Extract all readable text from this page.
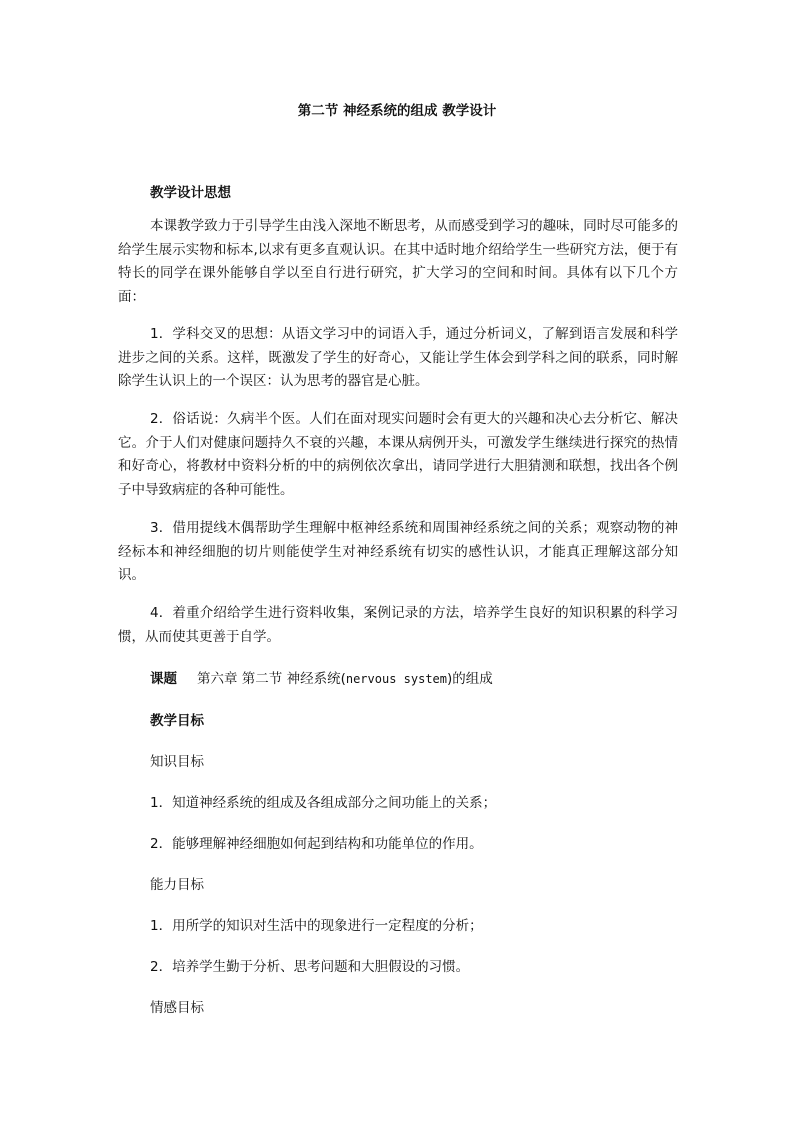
第二节 神经系统的组成 教学设计
教学设计思想

本课教学致力于引导学生由浅入深地不断思考，从而感受到学习的趣味，同时尽可能多的给学生展示实物和标本,以求有更多直观认识。在其中适时地介绍给学生一些研究方法，便于有特长的同学在课外能够自学以至自行进行研究，扩大学习的空间和时间。具体有以下几个方面：

1．学科交叉的思想：从语文学习中的词语入手，通过分析词义，了解到语言发展和科学进步之间的关系。这样，既激发了学生的好奇心，又能让学生体会到学科之间的联系，同时解除学生认识上的一个误区：认为思考的器官是心脏。

2．俗话说：久病半个医。人们在面对现实问题时会有更大的兴趣和决心去分析它、解决它。介于人们对健康问题持久不衰的兴趣，本课从病例开头，可激发学生继续进行探究的热情和好奇心，将教材中资料分析的中的病例依次拿出，请同学进行大胆猜测和联想，找出各个例子中导致病症的各种可能性。

3．借用提线木偶帮助学生理解中枢神经系统和周围神经系统之间的关系；观察动物的神经标本和神经细胞的切片则能使学生对神经系统有切实的感性认识，才能真正理解这部分知识。

4．着重介绍给学生进行资料收集，案例记录的方法，培养学生良好的知识积累的科学习惯，从而使其更善于自学。

课题 第六章 第二节 神经系统(nervous system)的组成
教学目标
知识目标
1．知道神经系统的组成及各组成部分之间功能上的关系；
2．能够理解神经细胞如何起到结构和功能单位的作用。
能力目标
1．用所学的知识对生活中的现象进行一定程度的分析；
2．培养学生勤于分析、思考问题和大胆假设的习惯。
情感目标
